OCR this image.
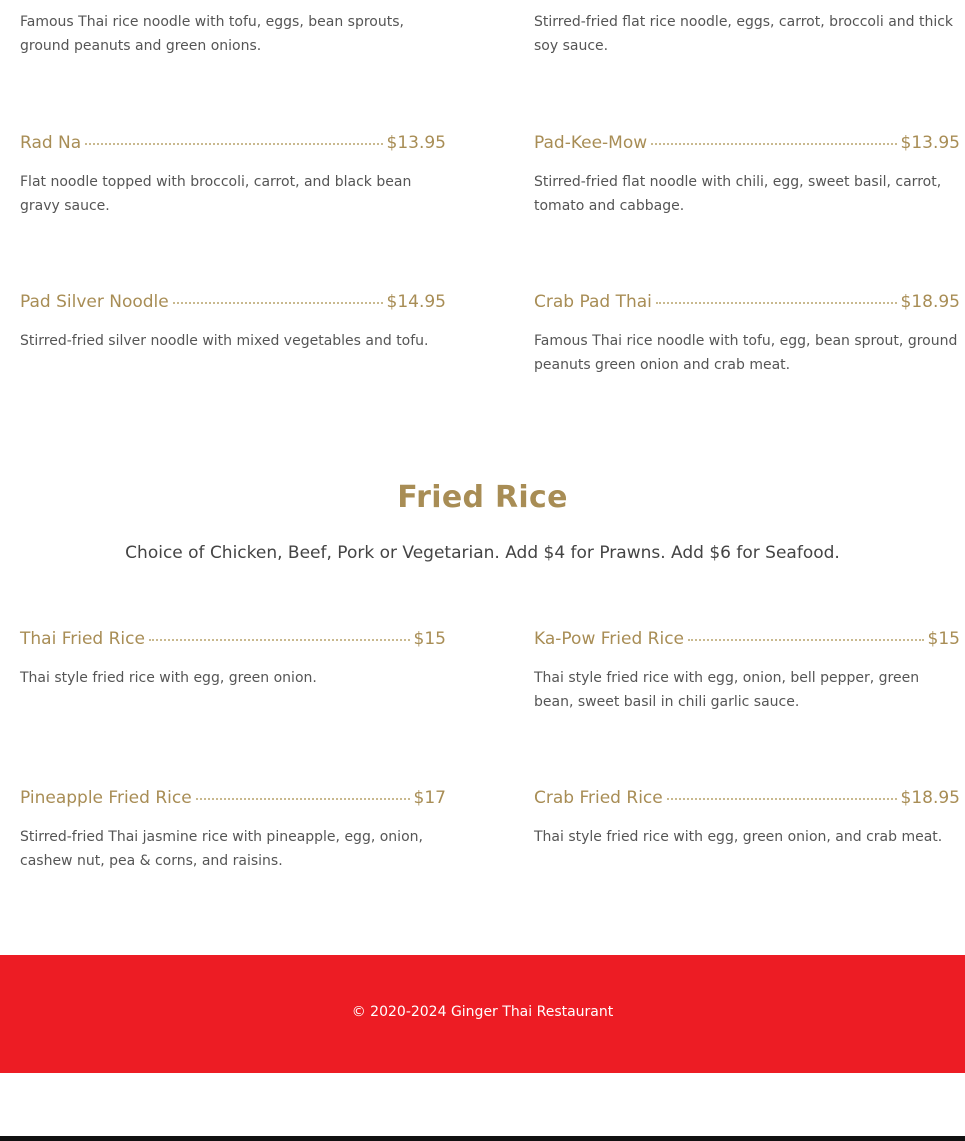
Famous Thai rice noodle with tofu, eggs, bean sprouts, ground peanuts and green onions.

Stirred-fried flat rice noodle, eggs, carrot, broccoli and thick soy sauce.

Rad Na	$13.95

Flat noodle topped with broccoli, carrot, and black bean gravy sauce.

Pad-Kee-Mow	$13.95

Stirred-fried flat noodle with chili, egg, sweet basil, carrot, tomato and cabbage.

Pad Silver Noodle	$14.95

Stirred-fried silver noodle with mixed vegetables and tofu.

Crab Pad Thai	$18.95

Famous Thai rice noodle with tofu, egg, bean sprout, ground peanuts green onion and crab meat.

Fried Rice
Choice of Chicken, Beef, Pork or Vegetarian. Add $4 for Prawns. Add $6 for Seafood.
Thai Fried Rice	$15

Thai style fried rice with egg, green onion.

Ka-Pow Fried Rice	$15

Thai style fried rice with egg, onion, bell pepper, green bean, sweet basil in chili garlic sauce.

Pineapple Fried Rice	$17

Stirred-fried Thai jasmine rice with pineapple, egg, onion, cashew nut, pea & corns, and raisins.

Crab Fried Rice	$18.95

Thai style fried rice with egg, green onion, and crab meat.

© 2020-2024 Ginger Thai Restaurant
